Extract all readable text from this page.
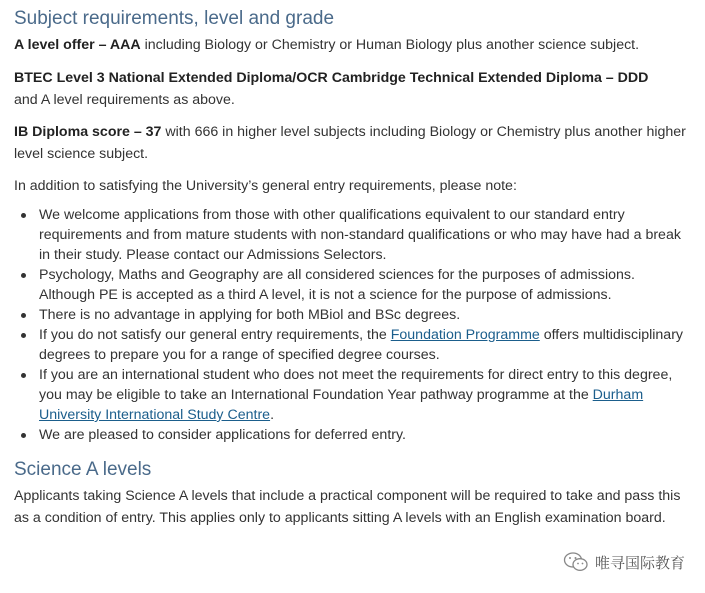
Subject requirements, level and grade

A level offer – AAA including Biology or Chemistry or Human Biology plus another science subject.

BTEC Level 3 National Extended Diploma/OCR Cambridge Technical Extended Diploma – DDD
and A level requirements as above.

IB Diploma score – 37 with 666 in higher level subjects including Biology or Chemistry plus another higher level science subject.

In addition to satisfying the University’s general entry requirements, please note:

We welcome applications from those with other qualifications equivalent to our standard entry requirements and from mature students with non-standard qualifications or who may have had a break in their study. Please contact our Admissions Selectors.
Psychology, Maths and Geography are all considered sciences for the purposes of admissions. Although PE is accepted as a third A level, it is not a science for the purpose of admissions.
There is no advantage in applying for both MBiol and BSc degrees.
If you do not satisfy our general entry requirements, the Foundation Programme offers multidisciplinary degrees to prepare you for a range of specified degree courses.
If you are an international student who does not meet the requirements for direct entry to this degree, you may be eligible to take an International Foundation Year pathway programme at the Durham University International Study Centre.
We are pleased to consider applications for deferred entry.
Science A levels

Applicants taking Science A levels that include a practical component will be required to take and pass this as a condition of entry. This applies only to applicants sitting A levels with an English examination board.

唯寻国际教育
